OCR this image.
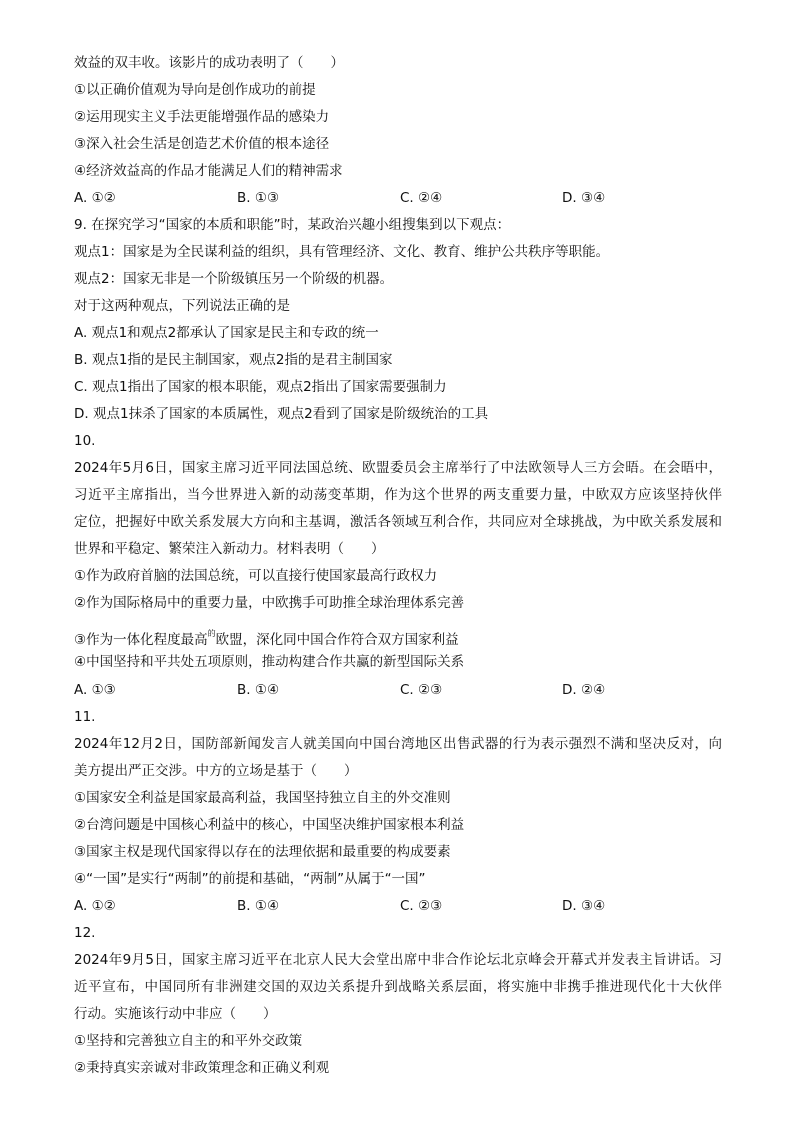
效益的双丰收。该影片的成功表明了（　　）
①以正确价值观为导向是创作成功的前提
②运用现实主义手法更能增强作品的感染力
③深入社会生活是创造艺术价值的根本途径
④经济效益高的作品才能满足人们的精神需求
A. ①②	B. ①③	C. ②④	D. ③④
9. 在探究学习“国家的本质和职能”时，某政治兴趣小组搜集到以下观点：
观点1：国家是为全民谋利益的组织，具有管理经济、文化、教育、维护公共秩序等职能。
观点2：国家无非是一个阶级镇压另一个阶级的机器。
对于这两种观点，下列说法正确的是
A. 观点1和观点2都承认了国家是民主和专政的统一
B. 观点1指的是民主制国家，观点2指的是君主制国家
C. 观点1指出了国家的根本职能，观点2指出了国家需要强制力
D. 观点1抹杀了国家的本质属性，观点2看到了国家是阶级统治的工具
10.
2024年5月6日，国家主席习近平同法国总统、欧盟委员会主席举行了中法欧领导人三方会晤。在会晤中，
习近平主席指出，当今世界进入新的动荡变革期，作为这个世界的两支重要力量，中欧双方应该坚持伙伴
定位，把握好中欧关系发展大方向和主基调，激活各领域互利合作，共同应对全球挑战，为中欧关系发展和
世界和平稳定、繁荣注入新动力。材料表明（　　）
①作为政府首脑的法国总统，可以直接行使国家最高行政权力
②作为国际格局中的重要力量，中欧携手可助推全球治理体系完善
③作为一体化程度最高$^的$欧盟，深化同中国合作符合双方国家利益
④中国坚持和平共处五项原则，推动构建合作共赢的新型国际关系
A. ①③	B. ①④	C. ②③	D. ②④
11.
2024年12月2日，国防部新闻发言人就美国向中国台湾地区出售武器的行为表示强烈不满和坚决反对，向
美方提出严正交涉。中方的立场是基于（　　）
①国家安全利益是国家最高利益，我国坚持独立自主的外交准则
②台湾问题是中国核心利益中的核心，中国坚决维护国家根本利益
③国家主权是现代国家得以存在的法理依据和最重要的构成要素
④“一国”是实行“两制”的前提和基础，“两制”从属于“一国”
A. ①②	B. ①④	C. ②③	D. ③④
12.
2024年9月5日，国家主席习近平在北京人民大会堂出席中非合作论坛北京峰会开幕式并发表主旨讲话。习
近平宣布，中国同所有非洲建交国的双边关系提升到战略关系层面，将实施中非携手推进现代化十大伙伴
行动。实施该行动中非应（　　）
①坚持和完善独立自主的和平外交政策
②秉持真实亲诚对非政策理念和正确义利观
